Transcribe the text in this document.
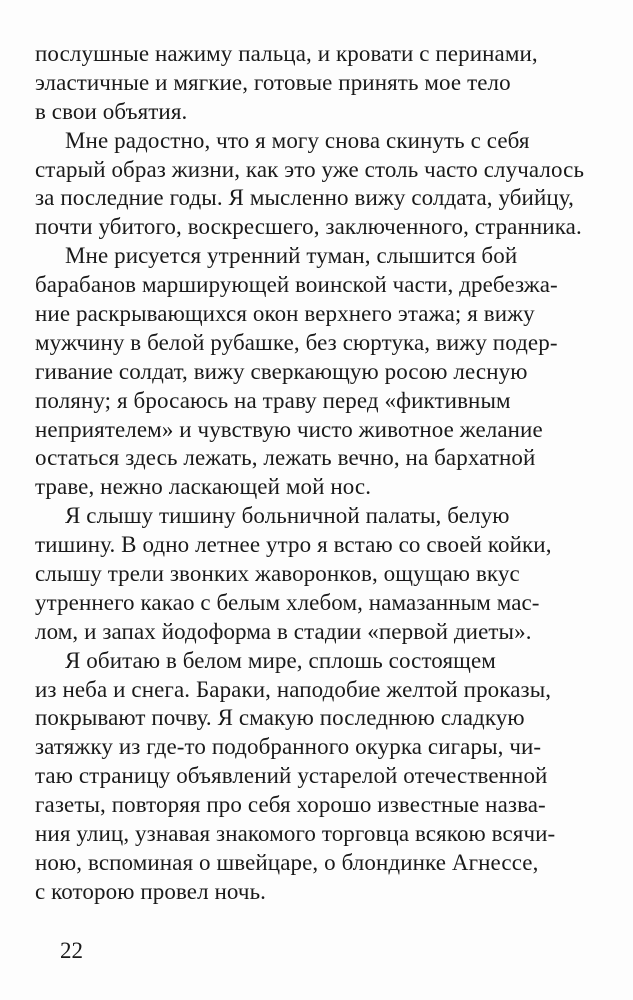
послушные нажиму пальца, и кровати с перинами,
эластичные и мягкие, готовые принять мое тело
в свои объятия.
Мне радостно, что я могу снова скинуть с себя
старый образ жизни, как это уже столь часто случалось
за последние годы. Я мысленно вижу солдата, убийцу,
почти убитого, воскресшего, заключенного, странника.
Мне рисуется утренний туман, слышится бой
барабанов марширующей воинской части, дребезжа-
ние раскрывающихся окон верхнего этажа; я вижу
мужчину в белой рубашке, без сюртука, вижу подер-
гивание солдат, вижу сверкающую росою лесную
поляну; я бросаюсь на траву перед «фиктивным
неприятелем» и чувствую чисто животное желание
остаться здесь лежать, лежать вечно, на бархатной
траве, нежно ласкающей мой нос.
Я слышу тишину больничной палаты, белую
тишину. В одно летнее утро я встаю со своей койки,
слышу трели звонких жаворонков, ощущаю вкус
утреннего какао с белым хлебом, намазанным мас-
лом, и запах йодоформа в стадии «первой диеты».
Я обитаю в белом мире, сплошь состоящем
из неба и снега. Бараки, наподобие желтой проказы,
покрывают почву. Я смакую последнюю сладкую
затяжку из где-то подобранного окурка сигары, чи-
таю страницу объявлений устарелой отечественной
газеты, повторяя про себя хорошо известные назва-
ния улиц, узнавая знакомого торговца всякою всячи-
ною, вспоминая о швейцаре, о блондинке Агнессе,
с которою провел ночь.
22
